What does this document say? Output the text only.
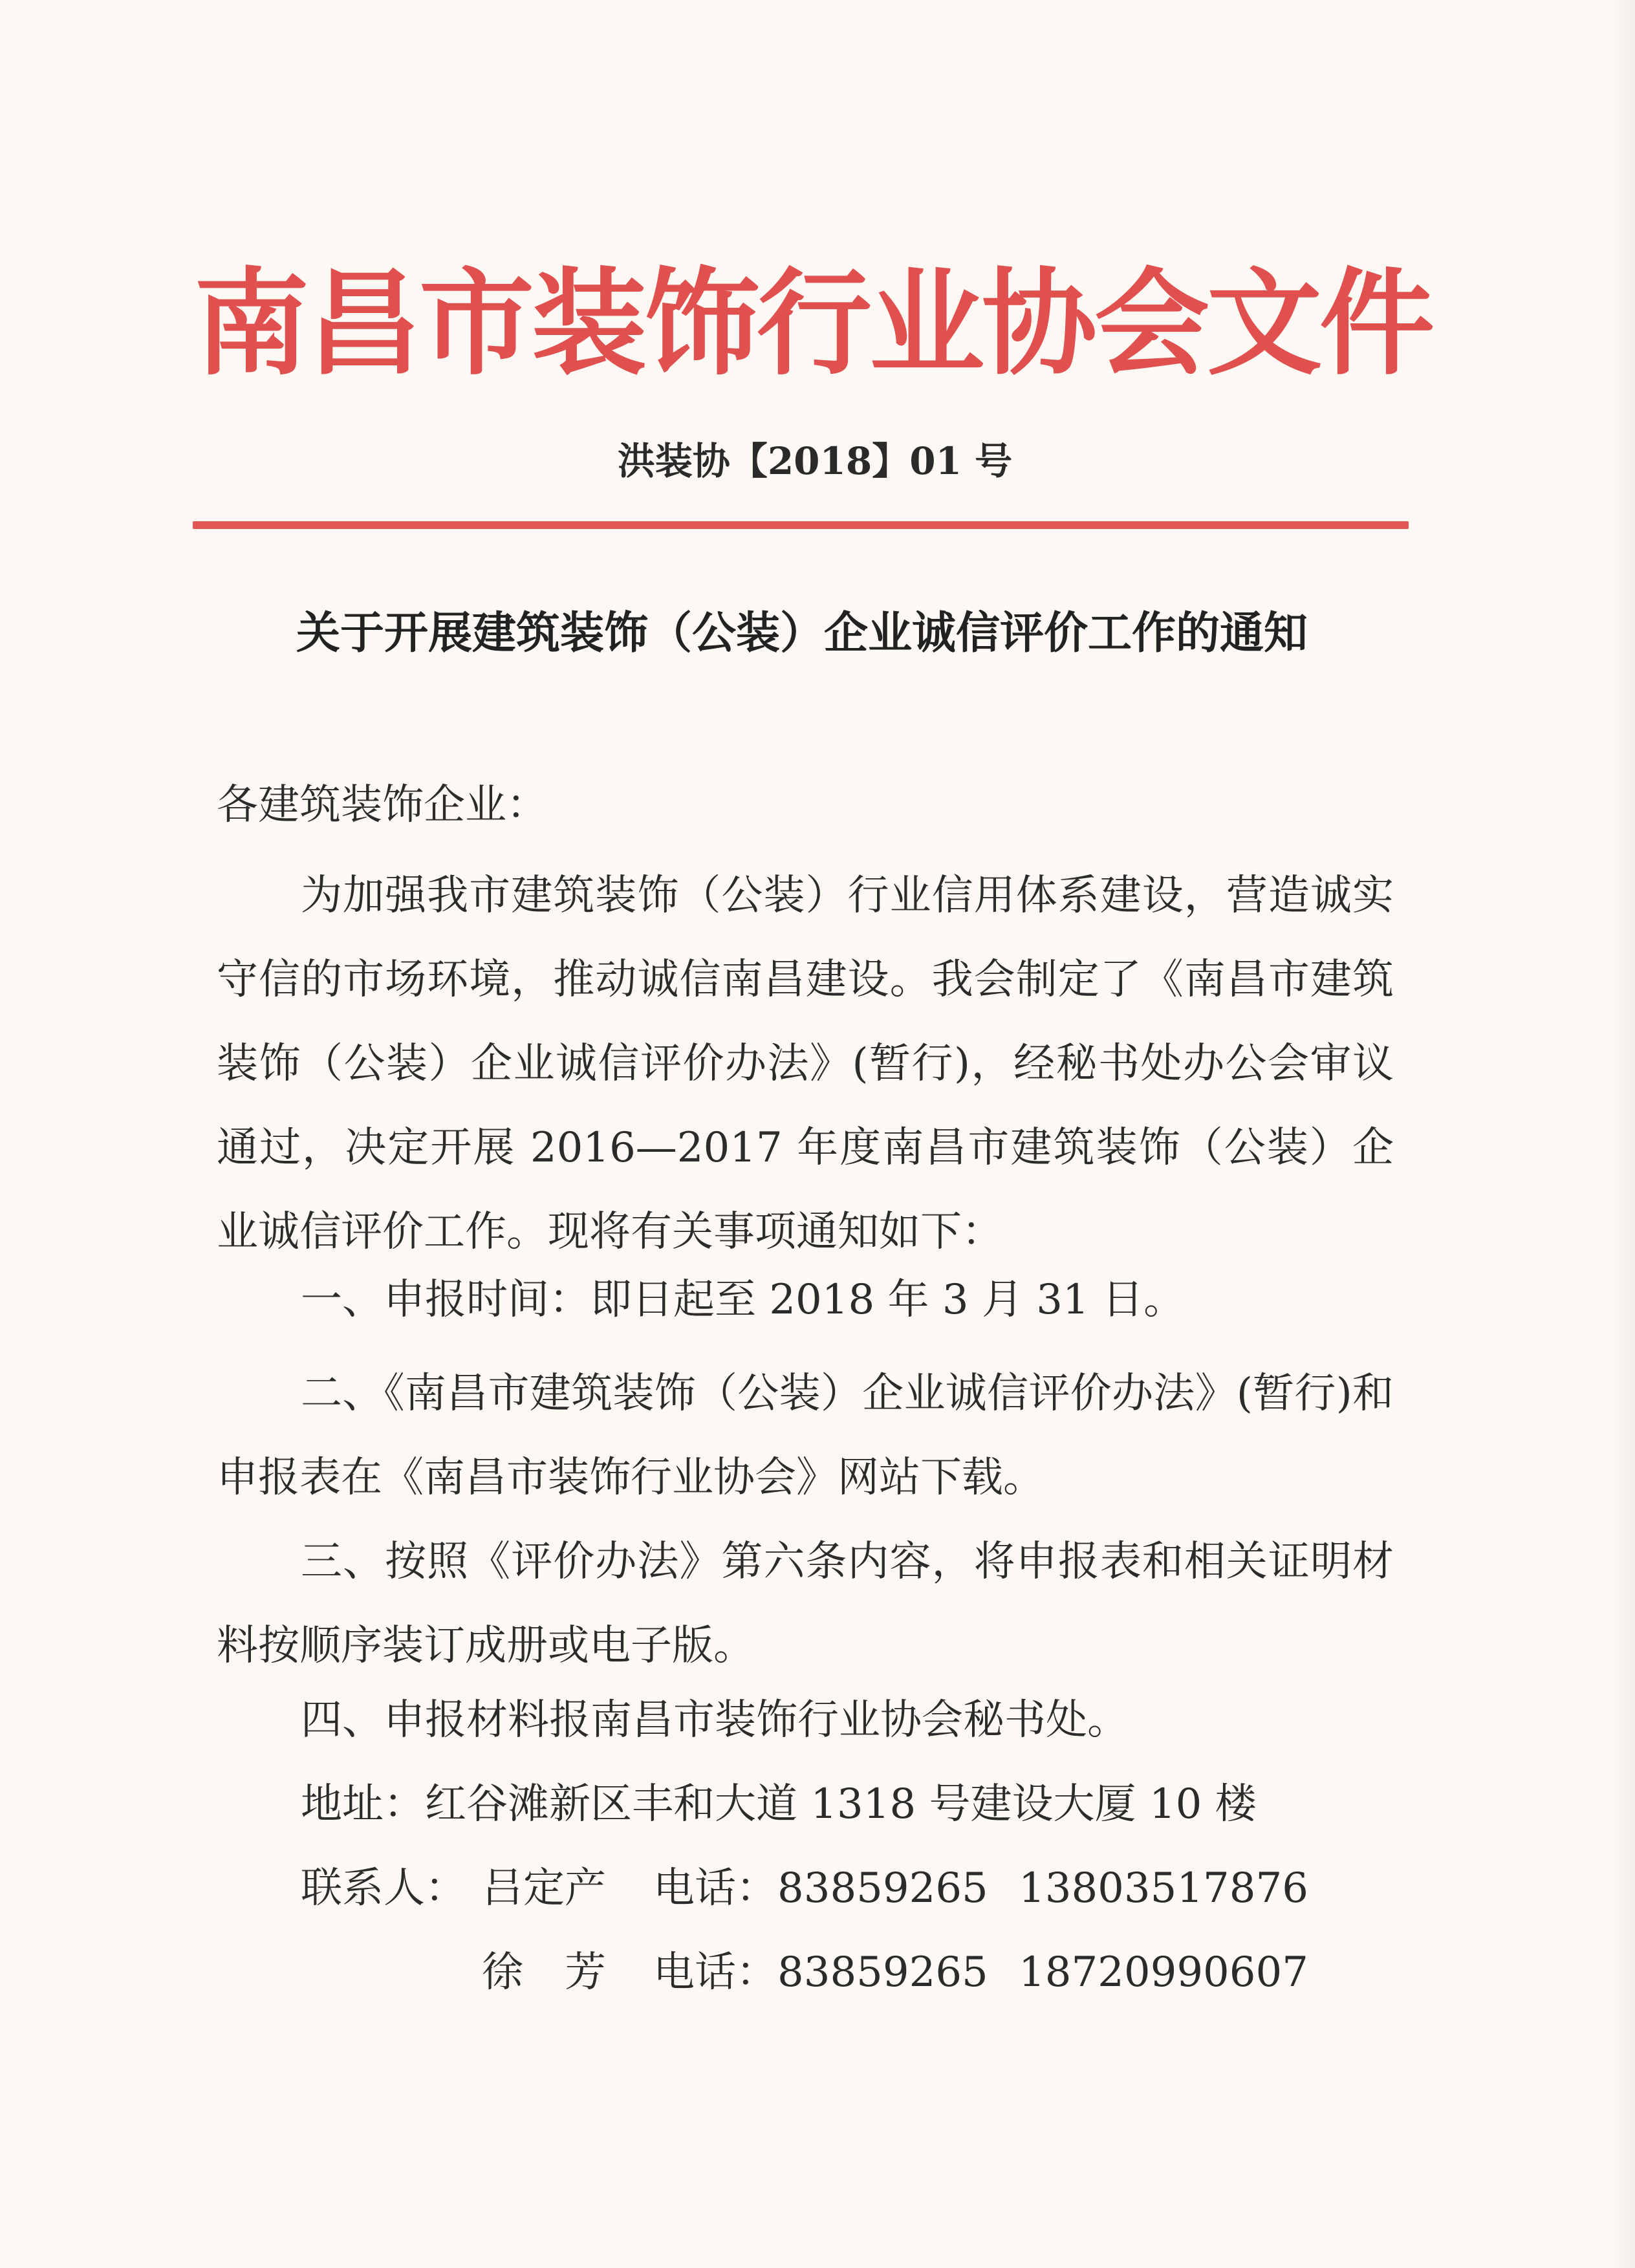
南昌市装饰行业协会文件
洪装协【2018】01 号
关于开展建筑装饰（公装）企业诚信评价工作的通知
各建筑装饰企业：
为加强我市建筑装饰（公装）行业信用体系建设，营造诚实守信的市场环境，推动诚信南昌建设。我会制定了《南昌市建筑装饰（公装）企业诚信评价办法》(暂行)，经秘书处办公会审议通过，决定开展 2016—2017 年度南昌市建筑装饰（公装）企业诚信评价工作。现将有关事项通知如下：
一、申报时间：即日起至 2018 年 3 月 31 日。
二、《南昌市建筑装饰（公装）企业诚信评价办法》(暂行)和申报表在《南昌市装饰行业协会》网站下载。
三、按照《评价办法》第六条内容，将申报表和相关证明材料按顺序装订成册或电子版。
四、申报材料报南昌市装饰行业协会秘书处。
地址：红谷滩新区丰和大道 1318 号建设大厦 10 楼
联系人： 吕定产 电话：83859265 13803517876
徐芳 电话：83859265 18720990607
